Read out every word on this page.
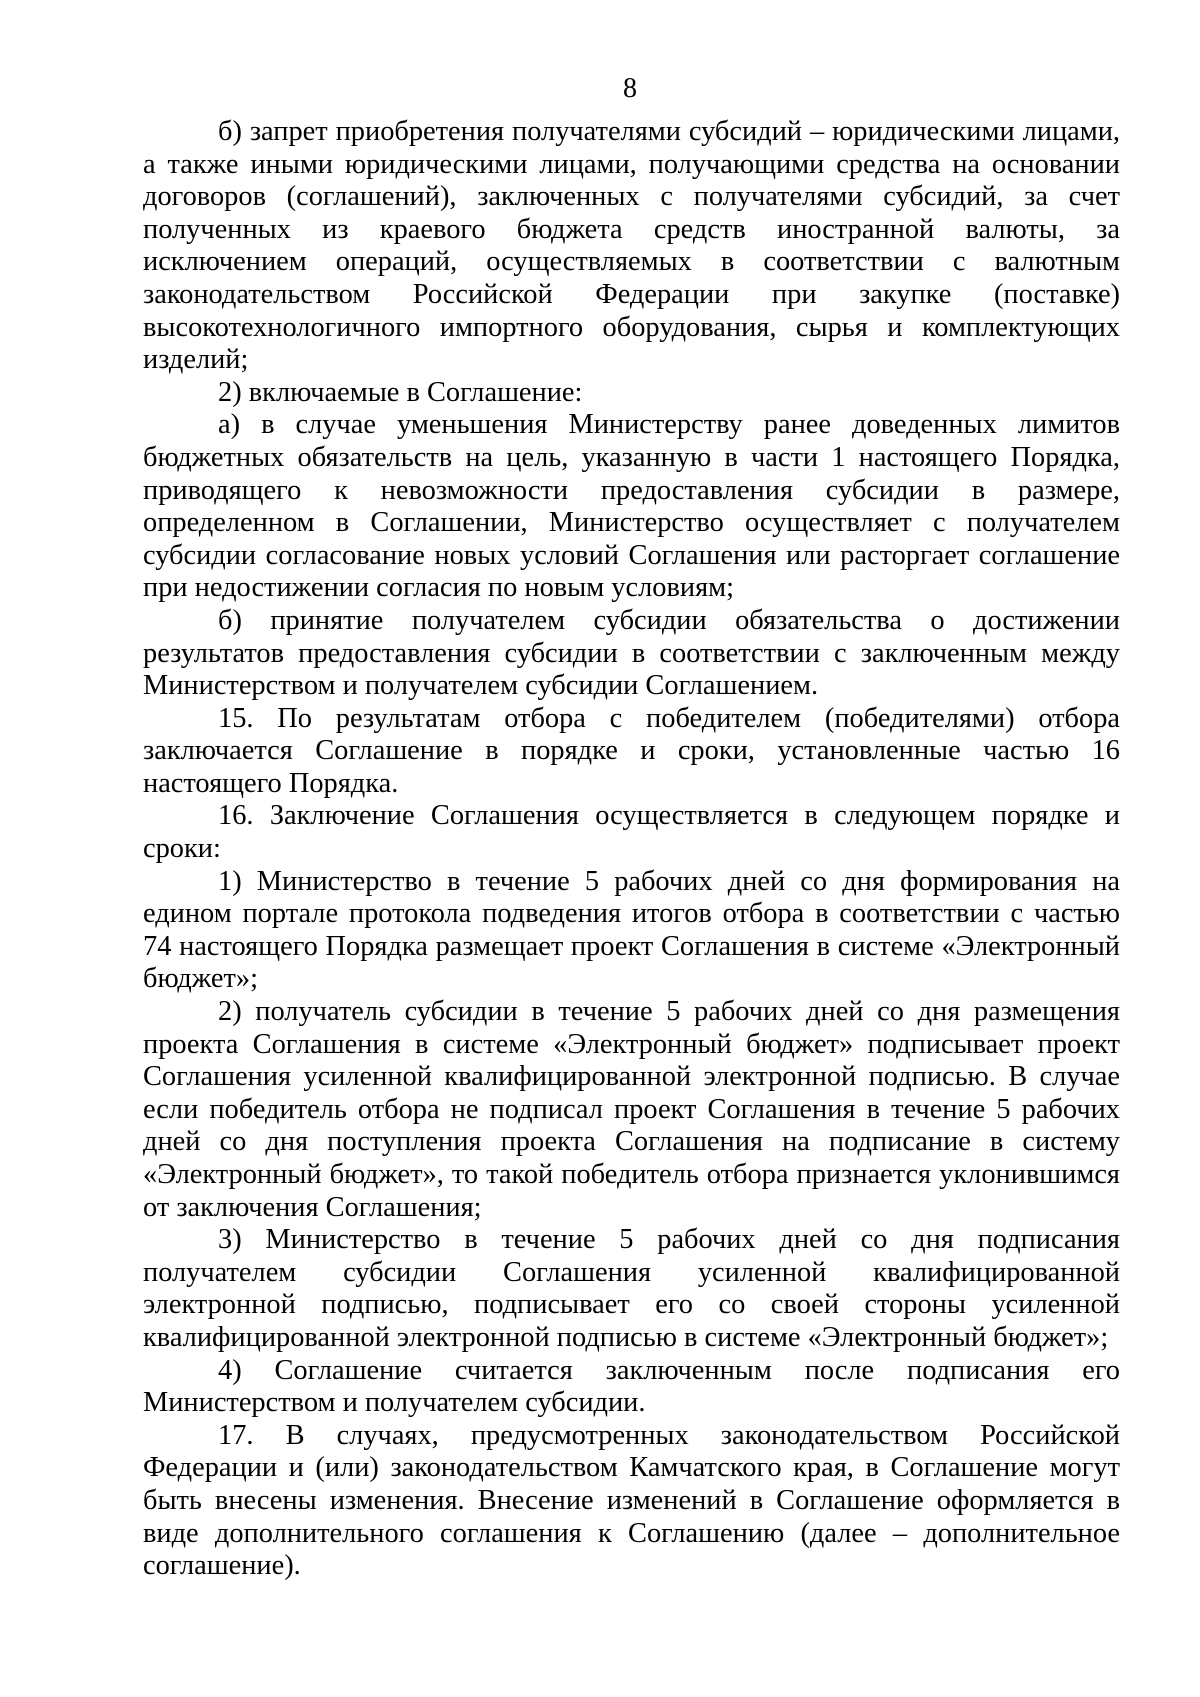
8

б) запрет приобретения получателями субсидий – юридическими лицами, а также иными юридическими лицами, получающими средства на основании договоров (соглашений), заключенных с получателями субсидий, за счет полученных из краевого бюджета средств иностранной валюты, за исключением операций, осуществляемых в соответствии с валютным законодательством Российской Федерации при закупке (поставке) высокотехнологичного импортного оборудования, сырья и комплектующих изделий;

2) включаемые в Соглашение:

а) в случае уменьшения Министерству ранее доведенных лимитов бюджетных обязательств на цель, указанную в части 1 настоящего Порядка, приводящего к невозможности предоставления субсидии в размере, определенном в Соглашении, Министерство осуществляет с получателем субсидии согласование новых условий Соглашения или расторгает соглашение при недостижении согласия по новым условиям;

б) принятие получателем субсидии обязательства о достижении результатов предоставления субсидии в соответствии с заключенным между Министерством и получателем субсидии Соглашением.

15. По результатам отбора с победителем (победителями) отбора заключается Соглашение в порядке и сроки, установленные частью 16 настоящего Порядка.

16. Заключение Соглашения осуществляется в следующем порядке и сроки:

1) Министерство в течение 5 рабочих дней со дня формирования на едином портале протокола подведения итогов отбора в соответствии с частью 74 настоящего Порядка размещает проект Соглашения в системе «Электронный бюджет»;

2) получатель субсидии в течение 5 рабочих дней со дня размещения проекта Соглашения в системе «Электронный бюджет» подписывает проект Соглашения усиленной квалифицированной электронной подписью. В случае если победитель отбора не подписал проект Соглашения в течение 5 рабочих дней со дня поступления проекта Соглашения на подписание в систему «Электронный бюджет», то такой победитель отбора признается уклонившимся от заключения Соглашения;

3) Министерство в течение 5 рабочих дней со дня подписания получателем субсидии Соглашения усиленной квалифицированной электронной подписью, подписывает его со своей стороны усиленной квалифицированной электронной подписью в системе «Электронный бюджет»;

4) Соглашение считается заключенным после подписания его Министерством и получателем субсидии.

17. В случаях, предусмотренных законодательством Российской Федерации и (или) законодательством Камчатского края, в Соглашение могут быть внесены изменения. Внесение изменений в Соглашение оформляется в виде дополнительного соглашения к Соглашению (далее – дополнительное соглашение).
